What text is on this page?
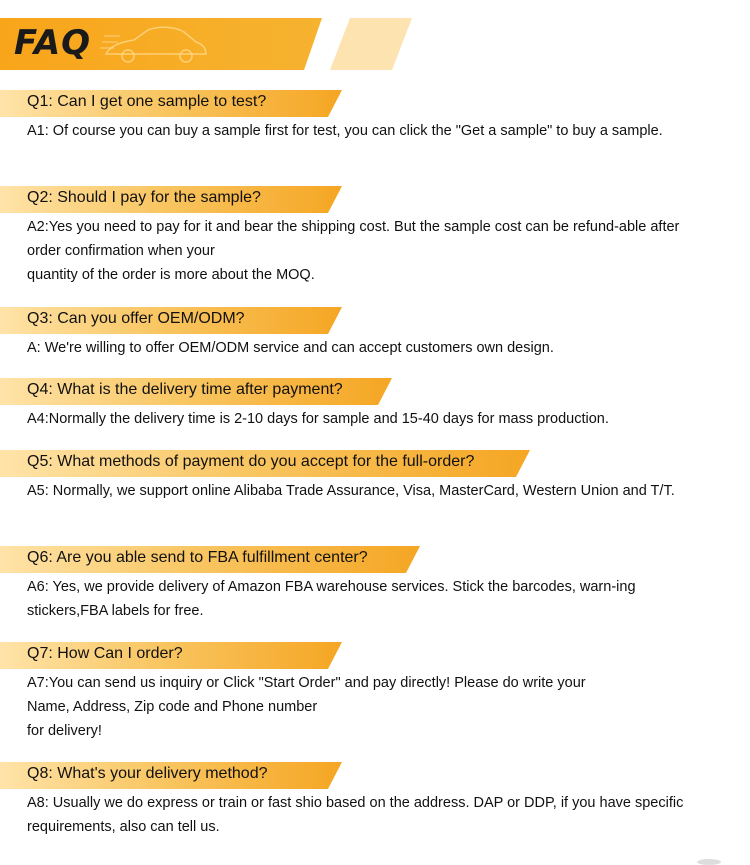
FAQ
Q1: Can I get one sample to test?
A1: Of course you can buy a sample first for test, you can click the "Get a sample" to buy a sample.
Q2: Should I pay for the sample?
A2:Yes you need to pay for it and bear the shipping cost. But the sample cost can be refund-able after order confirmation when your
quantity of the order is more about the MOQ.
Q3: Can you offer OEM/ODM?
A: We're willing to offer OEM/ODM service and can accept customers own design.
Q4: What is the delivery time after payment?
A4:Normally the delivery time is 2-10 days for sample and 15-40 days for mass production.
Q5: What methods of payment do you accept for the full-order?
A5: Normally, we support online Alibaba Trade Assurance, Visa, MasterCard, Western Union and T/T.
Q6: Are you able send to FBA fulfillment center?
A6: Yes, we provide delivery of Amazon FBA warehouse services. Stick the barcodes, warn-ing stickers,FBA labels for free.
Q7: How Can I order?
A7:You can send us inquiry or Click "Start Order" and pay directly! Please do write your
Name, Address, Zip code and Phone number
for delivery!
Q8: What's your delivery method?
A8: Usually we do express or train or fast shio based on the address. DAP or DDP, if you have specific requirements, also can tell us.
